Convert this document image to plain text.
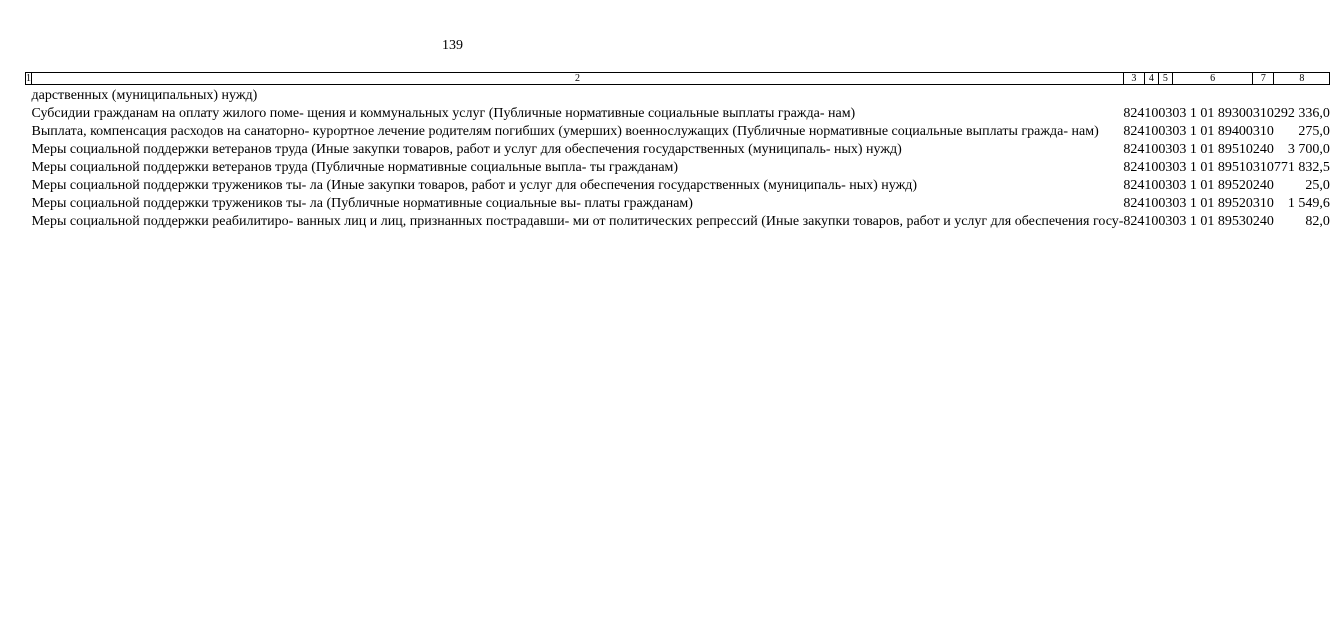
139
1	2	3	4	5	6	7	8
	дарственных (муниципальных) нужд)						
	Субсидии гражданам на оплату жилого поме- щения и коммунальных услуг (Публичные нормативные социальные выплаты гражда- нам)	824	10	03	03 1 01 89300	310	292 336,0
	Выплата, компенсация расходов на санаторно- курортное лечение родителям погибших (умерших) военнослужащих (Публичные нормативные социальные выплаты гражда- нам)	824	10	03	03 1 01 89400	310	275,0
	Меры социальной поддержки ветеранов труда (Иные закупки товаров, работ и услуг для обеспечения государственных (муниципаль- ных) нужд)	824	10	03	03 1 01 89510	240	3 700,0
	Меры социальной поддержки ветеранов труда (Публичные нормативные социальные выпла- ты гражданам)	824	10	03	03 1 01 89510	310	771 832,5
	Меры социальной поддержки тружеников ты- ла (Иные закупки товаров, работ и услуг для обеспечения государственных (муниципаль- ных) нужд)	824	10	03	03 1 01 89520	240	25,0
	Меры социальной поддержки тружеников ты- ла (Публичные нормативные социальные вы- платы гражданам)	824	10	03	03 1 01 89520	310	1 549,6
	Меры социальной поддержки реабилитиро- ванных лиц и лиц, признанных пострадавши- ми от политических репрессий (Иные закупки товаров, работ и услуг для обеспечения госу-	824	10	03	03 1 01 89530	240	82,0
